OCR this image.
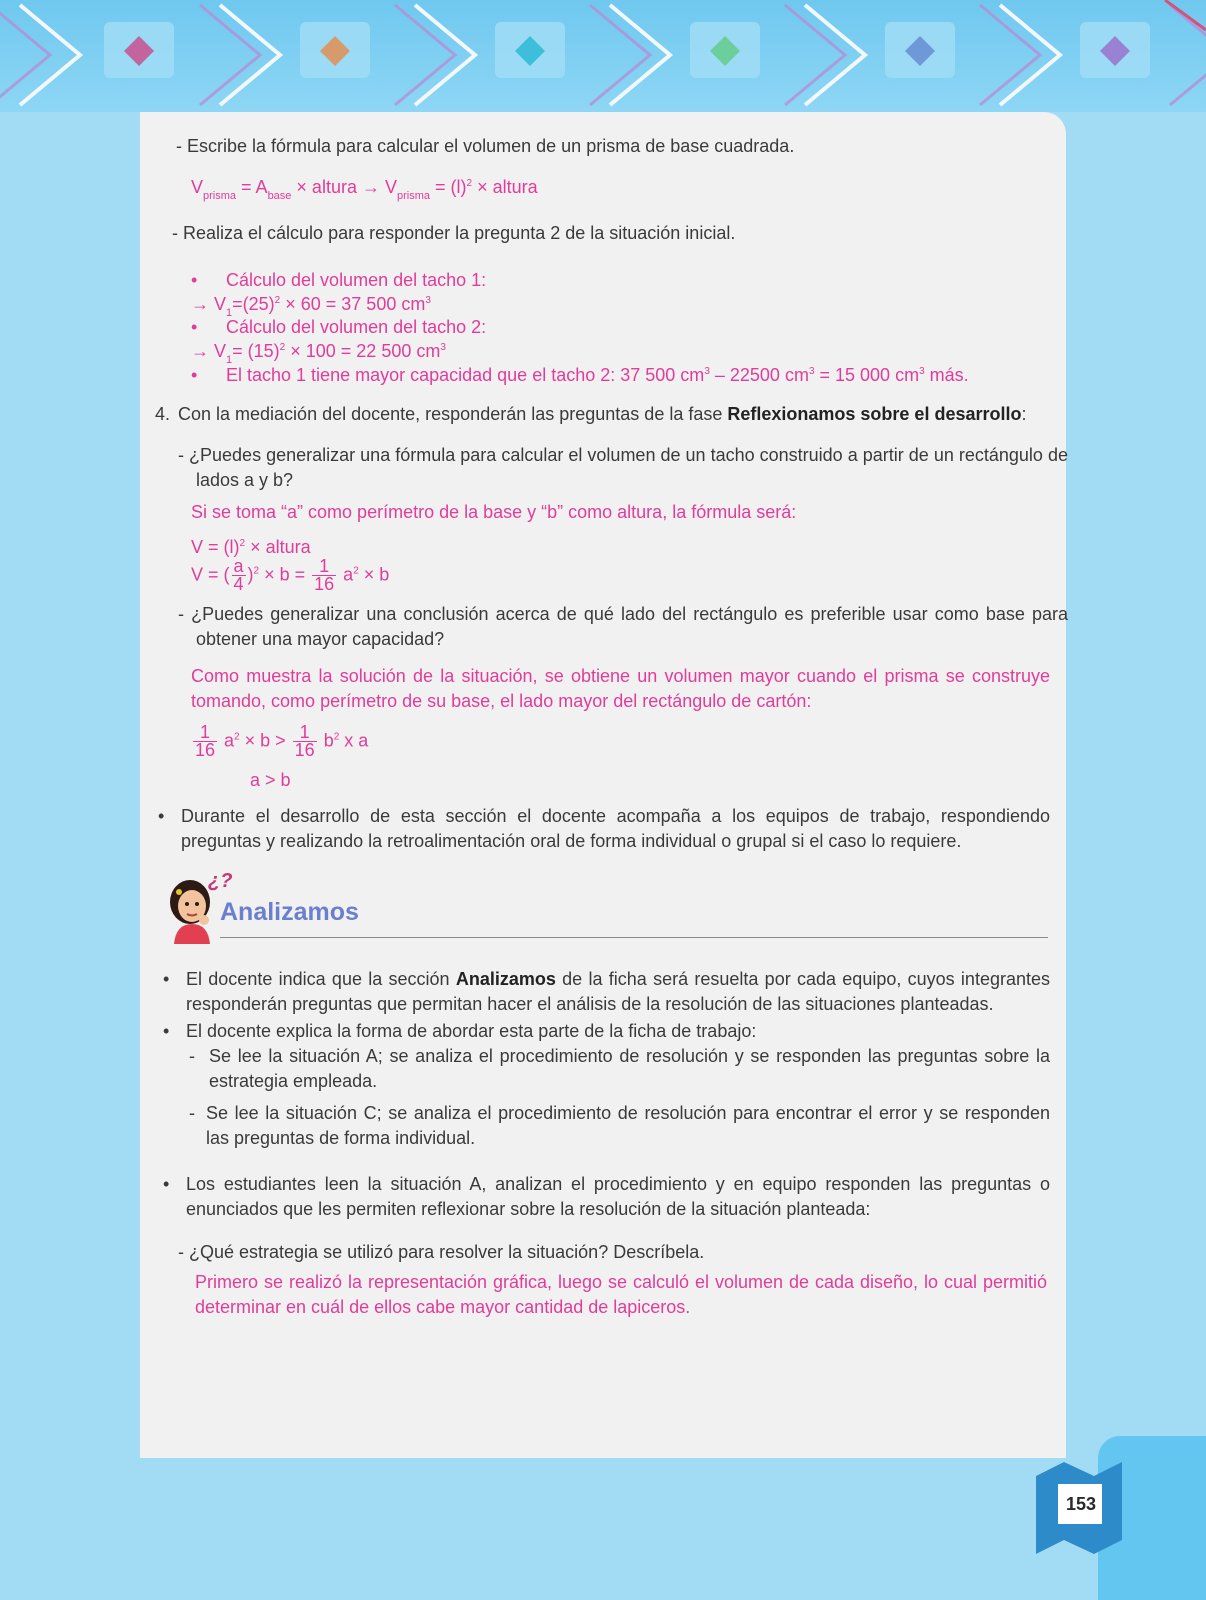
- Escribe la fórmula para calcular el volumen de un prisma de base cuadrada.
$V_{prisma} = A_{base}$ × altura → $V_{prisma} = (l)^2$ × altura
- Realiza el cálculo para responder la pregunta 2 de la situación inicial.
• Cálculo del volumen del tacho 1:
→ $V_1=(25)^2 \times 60 = 37$ 500 $cm^3$
• Cálculo del volumen del tacho 2:
→ $V_1= (15)^2 \times 100 = 22$ 500 $cm^3$
• El tacho 1 tiene mayor capacidad que el tacho 2: 37 500 $cm^3 - 22500$ $cm^3 = 15$ 000 $cm^3$ más.
4. Con la mediación del docente, responderán las preguntas de la fase Reflexionamos sobre el desarrollo:
- ¿Puedes generalizar una fórmula para calcular el volumen de un tacho construido a partir de un rectángulo de lados a y b?
Si se toma “a” como perímetro de la base y “b” como altura, la fórmula será:
$V = (l)^2$ × altura
V = ( $\frac{a}{4} )^2 \times b = \frac{1}{16} a^2 \times b$
- ¿Puedes generalizar una conclusión acerca de qué lado del rectángulo es preferible usar como base para obtener una mayor capacidad?
Como muestra la solución de la situación, se obtiene un volumen mayor cuando el prisma se construye tomando, como perímetro de su base, el lado mayor del rectángulo de cartón:
$\frac{1}{16} a^2 \times b > \frac{1}{16} b^2$ x a
a > b
• Durante el desarrollo de esta sección el docente acompaña a los equipos de trabajo, respondiendo preguntas y realizando la retroalimentación oral de forma individual o grupal si el caso lo requiere.
¿?
Analizamos
• El docente indica que la sección Analizamos de la ficha será resuelta por cada equipo, cuyos integrantes responderán preguntas que permitan hacer el análisis de la resolución de las situaciones planteadas.
• El docente explica la forma de abordar esta parte de la ficha de trabajo:
- Se lee la situación A; se analiza el procedimiento de resolución y se responden las preguntas sobre la estrategia empleada.
- Se lee la situación C; se analiza el procedimiento de resolución para encontrar el error y se responden las preguntas de forma individual.
• Los estudiantes leen la situación A, analizan el procedimiento y en equipo responden las preguntas o enunciados que les permiten reflexionar sobre la resolución de la situación planteada:
- ¿Qué estrategia se utilizó para resolver la situación? Descríbela.
Primero se realizó la representación gráfica, luego se calculó el volumen de cada diseño, lo cual permitió determinar en cuál de ellos cabe mayor cantidad de lapiceros.
153
